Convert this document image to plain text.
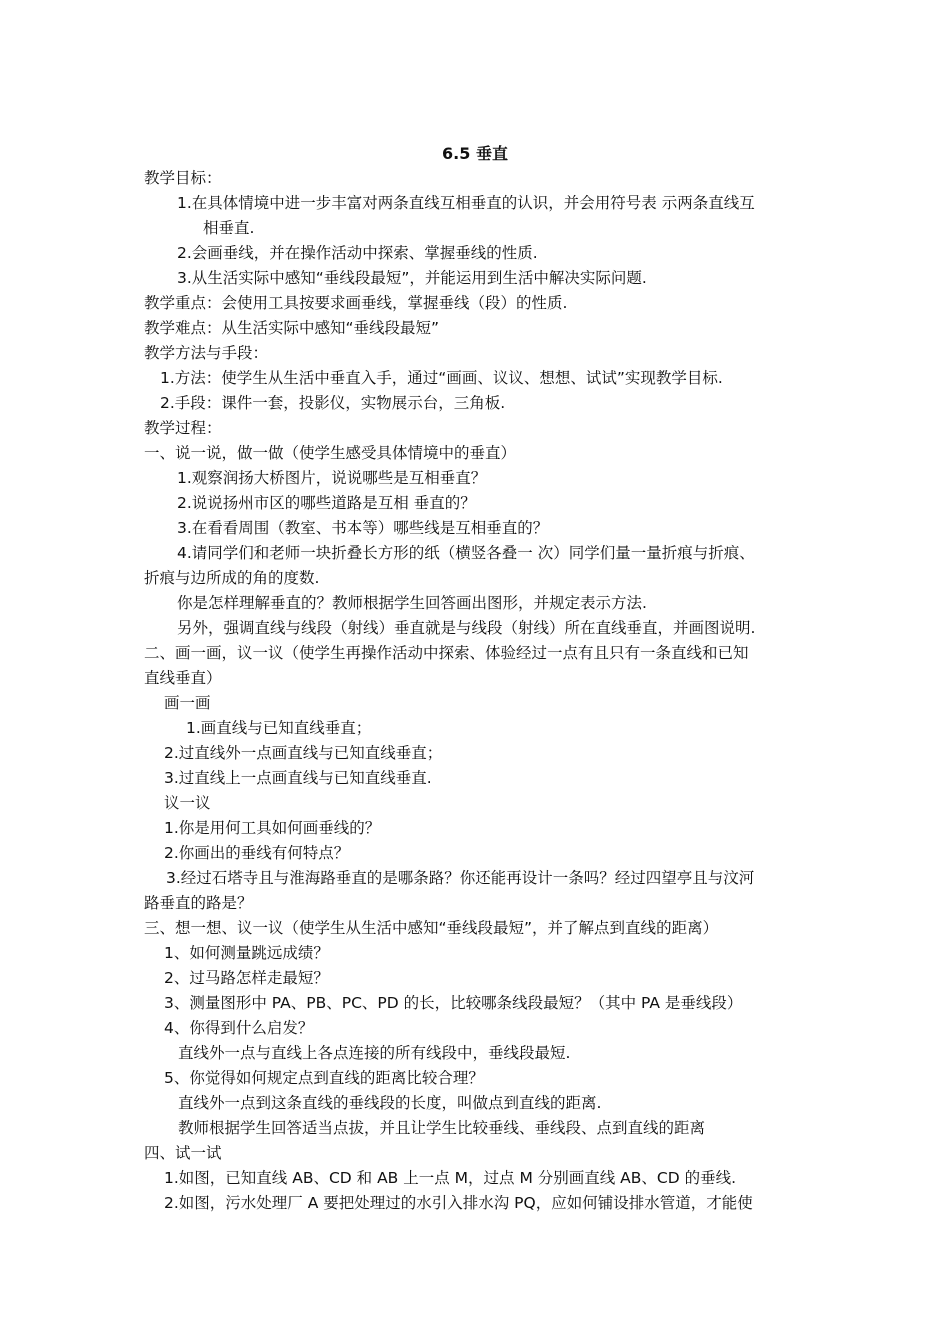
6.5 垂直
教学目标：
1.在具体情境中进一步丰富对两条直线互相垂直的认识，并会用符号表 示两条直线互
相垂直.
2.会画垂线，并在操作活动中探索、掌握垂线的性质.
3.从生活实际中感知“垂线段最短”，并能运用到生活中解决实际问题.
教学重点：会使用工具按要求画垂线，掌握垂线（段）的性质.
教学难点：从生活实际中感知“垂线段最短”
教学方法与手段：
1.方法：使学生从生活中垂直入手，通过“画画、议议、想想、试试”实现教学目标.
2.手段：课件一套，投影仪，实物展示台，三角板.
教学过程：
一、说一说，做一做（使学生感受具体情境中的垂直）
1.观察润扬大桥图片，说说哪些是互相垂直？
2.说说扬州市区的哪些道路是互相 垂直的？
3.在看看周围（教室、书本等）哪些线是互相垂直的？
4.请同学们和老师一块折叠长方形的纸（横竖各叠一 次）同学们量一量折痕与折痕、
折痕与边所成的角的度数.
你是怎样理解垂直的？教师根据学生回答画出图形，并规定表示方法.
另外，强调直线与线段（射线）垂直就是与线段（射线）所在直线垂直，并画图说明.
二、画一画，议一议（使学生再操作活动中探索、体验经过一点有且只有一条直线和已知
直线垂直）
画一画
1.画直线与已知直线垂直；
2.过直线外一点画直线与已知直线垂直；
3.过直线上一点画直线与已知直线垂直.
议一议
1.你是用何工具如何画垂线的？
2.你画出的垂线有何特点？
3.经过石塔寺且与淮海路垂直的是哪条路？你还能再设计一条吗？经过四望亭且与汶河
路垂直的路是？
三、想一想、议一议（使学生从生活中感知“垂线段最短”，并了解点到直线的距离）
1、如何测量跳远成绩？
2、过马路怎样走最短？
3、测量图形中 PA、PB、PC、PD 的长，比较哪条线段最短？（其中 PA 是垂线段）
4、你得到什么启发？
直线外一点与直线上各点连接的所有线段中，垂线段最短.
5、你觉得如何规定点到直线的距离比较合理？
直线外一点到这条直线的垂线段的长度，叫做点到直线的距离.
教师根据学生回答适当点拔，并且让学生比较垂线、垂线段、点到直线的距离
四、试一试
1.如图，已知直线 AB、CD 和 AB 上一点 M，过点 M 分别画直线 AB、CD 的垂线.
2.如图，污水处理厂 A 要把处理过的水引入排水沟 PQ，应如何铺设排水管道，才能使
